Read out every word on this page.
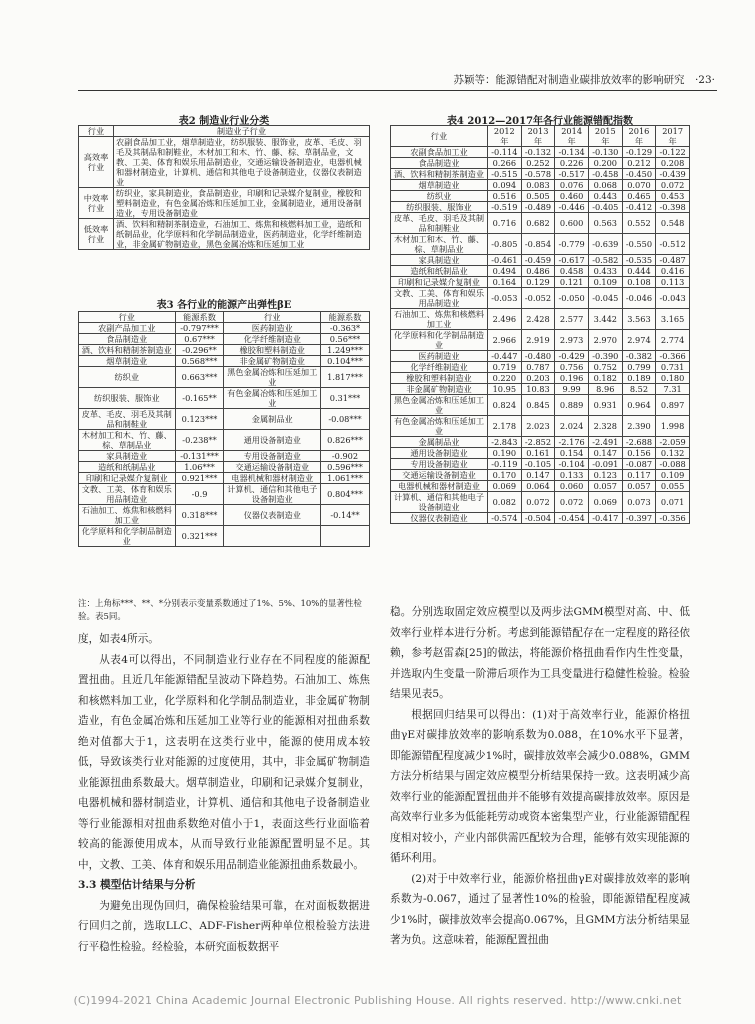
苏颖等：能源错配对制造业碳排放效率的影响研究　·23·
表2 制造业行业分类
行业	制造业子行业
高效率行业	农副食品加工业，烟草制造业，纺织服装、服饰业，皮革、毛皮、羽毛及其制品和制鞋业，木材加工和木、竹、藤、棕、草制品业，文教、工美、体育和娱乐用品制造业，交通运输设备制造业，电器机械和器材制造业，计算机、通信和其他电子设备制造业，仪器仪表制造业
中效率行业	纺织业，家具制造业，食品制造业，印刷和记录媒介复制业，橡胶和塑料制造业，有色金属冶炼和压延加工业，金属制造业，通用设备制造业，专用设备制造业
低效率行业	酒、饮料和精制茶制造业，石油加工、炼焦和核燃料加工业，造纸和纸制品业，化学原料和化学制品制造业，医药制造业，化学纤维制造业，非金属矿物制造业，黑色金属冶炼和压延加工业
表3 各行业的能源产出弹性βE
行业	能源系数	行业	能源系数
农副产品加工业	-0.797***	医药制造业	-0.363*
食品制造业	0.67***	化学纤维制造业	0.56***
酒、饮料和精制茶制造业	-0.296**	橡胶和塑料制造业	1.249***
烟草制造业	0.568***	非金属矿物制造业	0.104***
纺织业	0.663***	黑色金属冶炼和压延加工业	1.817***
纺织服装、服饰业	-0.165**	有色金属冶炼和压延加工业	0.31***
皮革、毛皮、羽毛及其制品和制鞋业	0.123***	金属制品业	-0.08***
木材加工和木、竹、藤、棕、草制品业	-0.238**	通用设备制造业	0.826***
家具制造业	-0.131***	专用设备制造业	-0.902
造纸和纸制品业	1.06***	交通运输设备制造业	0.596***
印刷和记录媒介复制业	0.921***	电器机械和器材制造业	1.061***
文教、工美、体育和娱乐用品制造业	-0.9	计算机、通信和其他电子设备制造业	0.804***
石油加工、炼焦和核燃料加工业	0.318***	仪器仪表制造业	-0.14**
化学原料和化学制品制造业	0.321***		
注：上角标***、**、*分别表示变量系数通过了1%、5%、10%的显著性检验。表5同。
表4 2012—2017年各行业能源错配指数
行业	2012年	2013年	2014年	2015年	2016年	2017年
农副食品加工业	-0.114	-0.132	-0.134	-0.130	-0.129	-0.122
食品制造业	0.266	0.252	0.226	0.200	0.212	0.208
酒、饮料和精制茶制造业	-0.515	-0.578	-0.517	-0.458	-0.450	-0.439
烟草制造业	0.094	0.083	0.076	0.068	0.070	0.072
纺织业	0.516	0.505	0.460	0.443	0.465	0.453
纺织服装、服饰业	-0.519	-0.489	-0.446	-0.405	-0.412	-0.398
皮革、毛皮、羽毛及其制品和制鞋业	0.716	0.682	0.600	0.563	0.552	0.548
木材加工和木、竹、藤、棕、草制品业	-0.805	-0.854	-0.779	-0.639	-0.550	-0.512
家具制造业	-0.461	-0.459	-0.617	-0.582	-0.535	-0.487
造纸和纸制品业	0.494	0.486	0.458	0.433	0.444	0.416
印刷和记录媒介复制业	0.164	0.129	0.121	0.109	0.108	0.113
文教、工美、体育和娱乐用品制造业	-0.053	-0.052	-0.050	-0.045	-0.046	-0.043
石油加工、炼焦和核燃料加工业	2.496	2.428	2.577	3.442	3.563	3.165
化学原料和化学制品制造业	2.966	2.919	2.973	2.970	2.974	2.774
医药制造业	-0.447	-0.480	-0.429	-0.390	-0.382	-0.366
化学纤维制造业	0.719	0.787	0.756	0.752	0.799	0.731
橡胶和塑料制造业	0.220	0.203	0.196	0.182	0.189	0.180
非金属矿物制造业	10.95	10.83	9.99	8.96	8.52	7.31
黑色金属冶炼和压延加工业	0.824	0.845	0.889	0.931	0.964	0.897
有色金属冶炼和压延加工业	2.178	2.023	2.024	2.328	2.390	1.998
金属制品业	-2.843	-2.852	-2.176	-2.491	-2.688	-2.059
通用设备制造业	0.190	0.161	0.154	0.147	0.156	0.132
专用设备制造业	-0.119	-0.105	-0.104	-0.091	-0.087	-0.088
交通运输设备制造业	0.170	0.147	0.133	0.123	0.117	0.109
电器机械和器材制造业	0.069	0.064	0.060	0.057	0.057	0.055
计算机、通信和其他电子设备制造业	0.082	0.072	0.072	0.069	0.073	0.071
仪器仪表制造业	-0.574	-0.504	-0.454	-0.417	-0.397	-0.356

度，如表4所示。

从表4可以得出，不同制造业行业存在不同程度的能源配置扭曲。且近几年能源错配呈波动下降趋势。石油加工、炼焦和核燃料加工业，化学原料和化学制品制造业，非金属矿物制造业，有色金属冶炼和压延加工业等行业的能源相对扭曲系数绝对值都大于1，这表明在这类行业中，能源的使用成本较低，导致该类行业对能源的过度使用，其中，非金属矿物制造业能源扭曲系数最大。烟草制造业，印刷和记录媒介复制业，电器机械和器材制造业，计算机、通信和其他电子设备制造业等行业能源相对扭曲系数绝对值小于1，表面这些行业面临着较高的能源使用成本，从而导致行业能源配置明显不足。其中，文教、工美、体育和娱乐用品制造业能源扭曲系数最小。

3.3 模型估计结果与分析

为避免出现伪回归，确保检验结果可靠，在对面板数据进行回归之前，选取LLC、ADF-Fisher两种单位根检验方法进行平稳性检验。经检验，本研究面板数据平

稳。分别选取固定效应模型以及两步法GMM模型对高、中、低效率行业样本进行分析。考虑到能源错配存在一定程度的路径依赖，参考赵雷森[25]的做法，将能源价格扭曲看作内生性变量，并选取内生变量一阶滞后项作为工具变量进行稳健性检验。检验结果见表5。

根据回归结果可以得出：(1)对于高效率行业，能源价格扭曲γE对碳排放效率的影响系数为0.088，在10%水平下显著，即能源错配程度减少1%时，碳排放效率会减少0.088%，GMM方法分析结果与固定效应模型分析结果保持一致。这表明减少高效率行业的能源配置扭曲并不能够有效提高碳排放效率。原因是高效率行业多为低能耗劳动或资本密集型产业，行业能源错配程度相对较小，产业内部供需匹配较为合理，能够有效实现能源的循环利用。

(2)对于中效率行业，能源价格扭曲γE对碳排放效率的影响系数为-0.067，通过了显著性10%的检验，即能源错配程度减少1%时，碳排放效率会提高0.067%，且GMM方法分析结果显著为负。这意味着，能源配置扭曲

(C)1994-2021 China Academic Journal Electronic Publishing House. All rights reserved. http://www.cnki.net
